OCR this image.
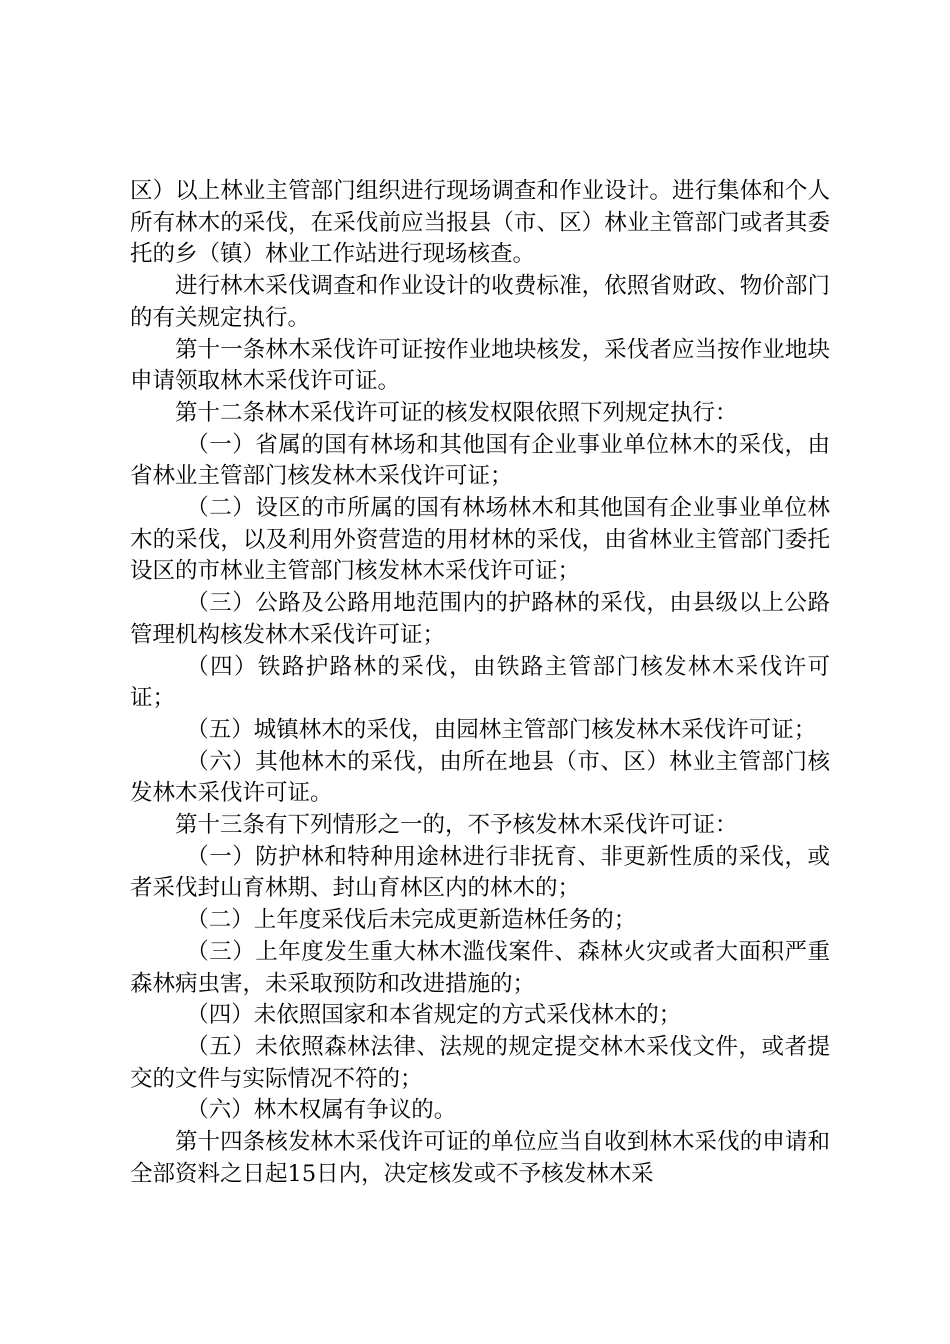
区）以上林业主管部门组织进行现场调查和作业设计。进行集体和个人所有林木的采伐，在采伐前应当报县（市、区）林业主管部门或者其委托的乡（镇）林业工作站进行现场核查。

进行林木采伐调查和作业设计的收费标准，依照省财政、物价部门的有关规定执行。

第十一条林木采伐许可证按作业地块核发，采伐者应当按作业地块申请领取林木采伐许可证。

第十二条林木采伐许可证的核发权限依照下列规定执行：

（一）省属的国有林场和其他国有企业事业单位林木的采伐，由省林业主管部门核发林木采伐许可证；

（二）设区的市所属的国有林场林木和其他国有企业事业单位林木的采伐，以及利用外资营造的用材林的采伐，由省林业主管部门委托设区的市林业主管部门核发林木采伐许可证；

（三）公路及公路用地范围内的护路林的采伐，由县级以上公路管理机构核发林木采伐许可证；

（四）铁路护路林的采伐，由铁路主管部门核发林木采伐许可证；

（五）城镇林木的采伐，由园林主管部门核发林木采伐许可证；

（六）其他林木的采伐，由所在地县（市、区）林业主管部门核发林木采伐许可证。

第十三条有下列情形之一的，不予核发林木采伐许可证：

（一）防护林和特种用途林进行非抚育、非更新性质的采伐，或者采伐封山育林期、封山育林区内的林木的；

（二）上年度采伐后未完成更新造林任务的；

（三）上年度发生重大林木滥伐案件、森林火灾或者大面积严重森林病虫害，未采取预防和改进措施的；

（四）未依照国家和本省规定的方式采伐林木的；

（五）未依照森林法律、法规的规定提交林木采伐文件，或者提交的文件与实际情况不符的；

（六）林木权属有争议的。

第十四条核发林木采伐许可证的单位应当自收到林木采伐的申请和全部资料之日起15日内，决定核发或不予核发林木采
